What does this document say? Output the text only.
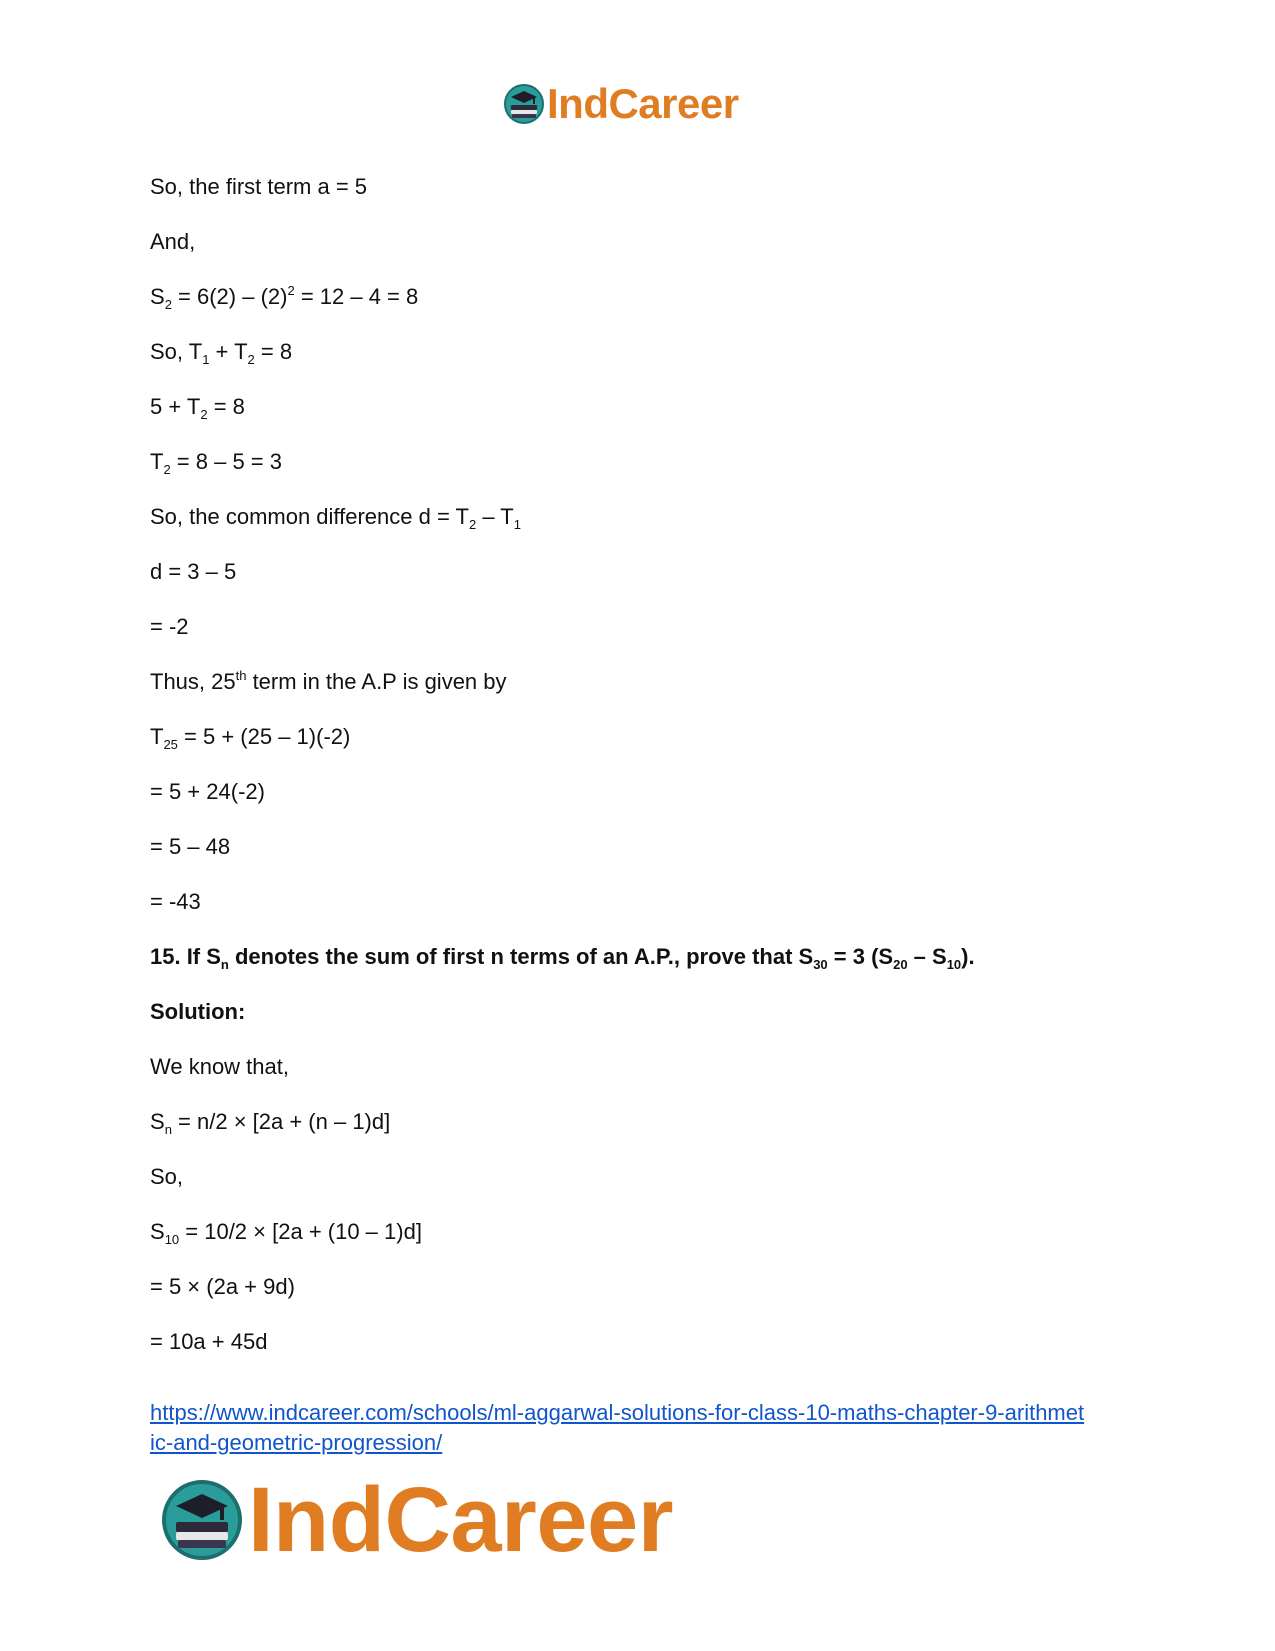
IndCareer
So, the first term a = 5
And,
$S_2 = 6(2) - (2)^2 = 12 - 4 = 8$
So, $T_1 + T_2 = 8$
$5 + T_2 = 8$
$T_2 = 8 - 5 = 3$
So, the common difference $d = T_2 - T_1$
d = 3 – 5
= -2
Thus, 25th term in the A.P is given by
$T_{25} = 5 + (25 - 1)(-2)$
= 5 + 24(-2)
= 5 – 48
= -43
15. If $S_n$ denotes the sum of first n terms of an A.P., prove that $S_{30} = 3$ $(S_{20} - S_{10})$.
Solution:
We know that,
$S_n = n/2 \times [2a + (n - 1)d]$
So,
$S_{10} = 10/2 \times [2a + (10 - 1)d]$
= 5 × (2a + 9d)
= 10a + 45d
https://www.indcareer.com/schools/ml-aggarwal-solutions-for-class-10-maths-chapter-9-arithmet
ic-and-geometric-progression/
IndCareer
